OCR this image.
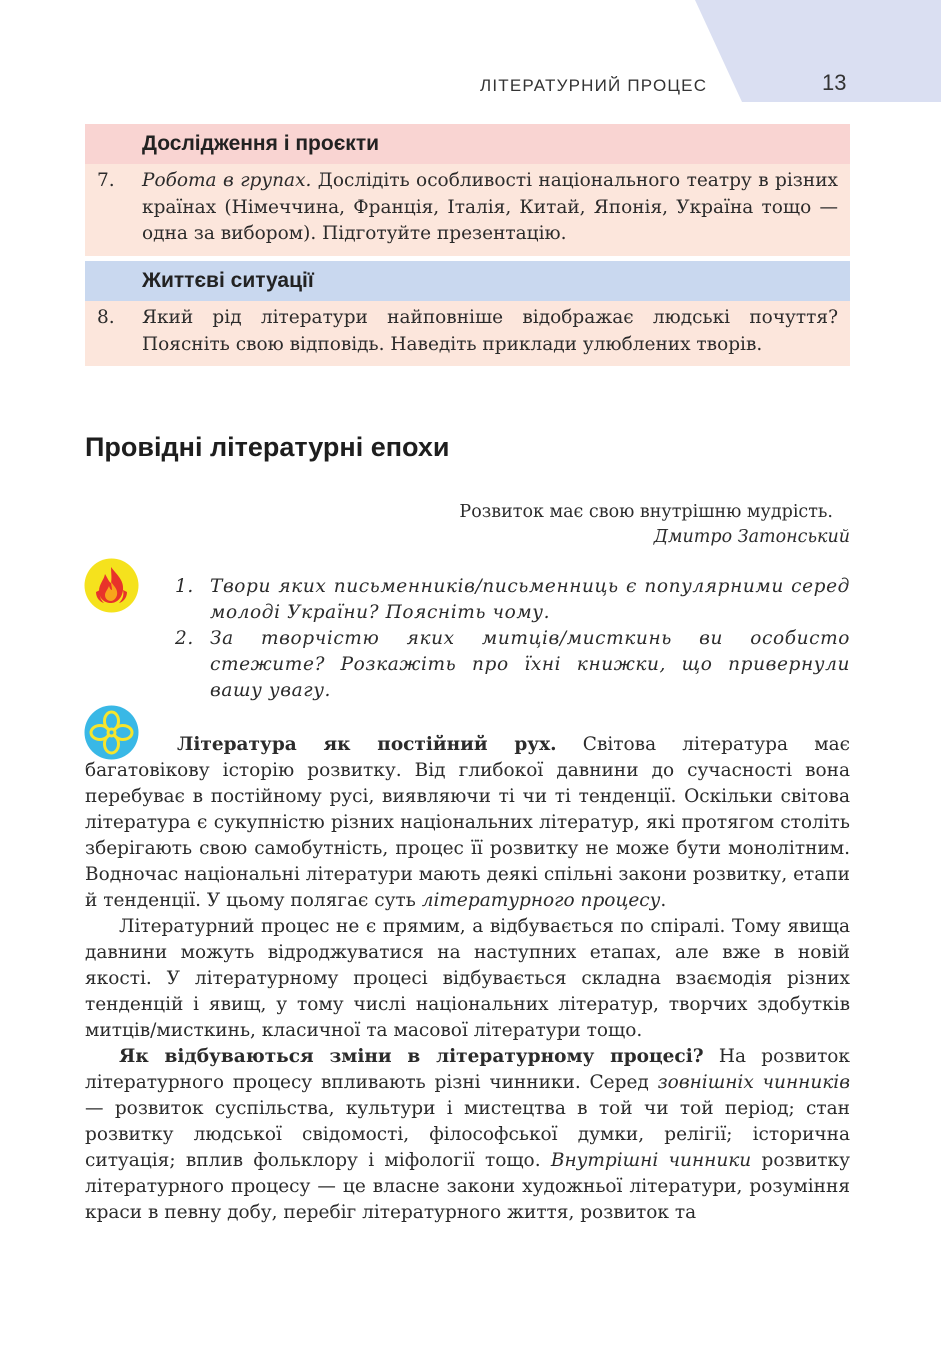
ЛІТЕРАТУРНИЙ ПРОЦЕС	13
Дослідження і проєкти
7. Робота в групах. Дослідіть особливості національного театру в різних країнах (Німеччина, Франція, Італія, Китай, Японія, Україна тощо — одна за вибором). Підготуйте презентацію.
Життєві ситуації
8. Який рід літератури найповніше відображає людські почуття? Поясніть свою відповідь. Наведіть приклади улюблених творів.
Провідні літературні епохи
Розвиток має свою внутрішню мудрість.
Дмитро Затонський
1. Твори яких письменників/письменниць є популярними серед молоді України? Поясніть чому.
2. За творчістю яких митців/мисткинь ви особисто стежите? Розкажіть про їхні книжки, що привернули вашу увагу.

Література як постійний рух. Світова література має багатовікову історію розвитку. Від глибокої давнини до сучасності вона перебуває в постійному русі, виявляючи ті чи ті тенденції. Оскільки світова література є сукупністю різних національних літератур, які протягом століть зберігають свою самобутність, процес її розвитку не може бути монолітним. Водночас національні літератури мають деякі спільні закони розвитку, етапи й тенденції. У цьому полягає суть літературного процесу.

Літературний процес не є прямим, а відбувається по спіралі. Тому явища давнини можуть відроджуватися на наступних етапах, але вже в новій якості. У літературному процесі відбувається складна взаємодія різних тенденцій і явищ, у тому числі національних літератур, творчих здобутків митців/мисткинь, класичної та масової літератури тощо.

Як відбуваються зміни в літературному процесі? На розвиток літературного процесу впливають різні чинники. Серед зовнішніх чинників — розвиток суспільства, культури і мистецтва в той чи той період; стан розвитку людської свідомості, філософської думки, релігії; історична ситуація; вплив фольклору і міфології тощо. Внутрішні чинники розвитку літературного процесу — це власне закони художньої літератури, розуміння краси в певну добу, перебіг літературного життя, розвиток та
